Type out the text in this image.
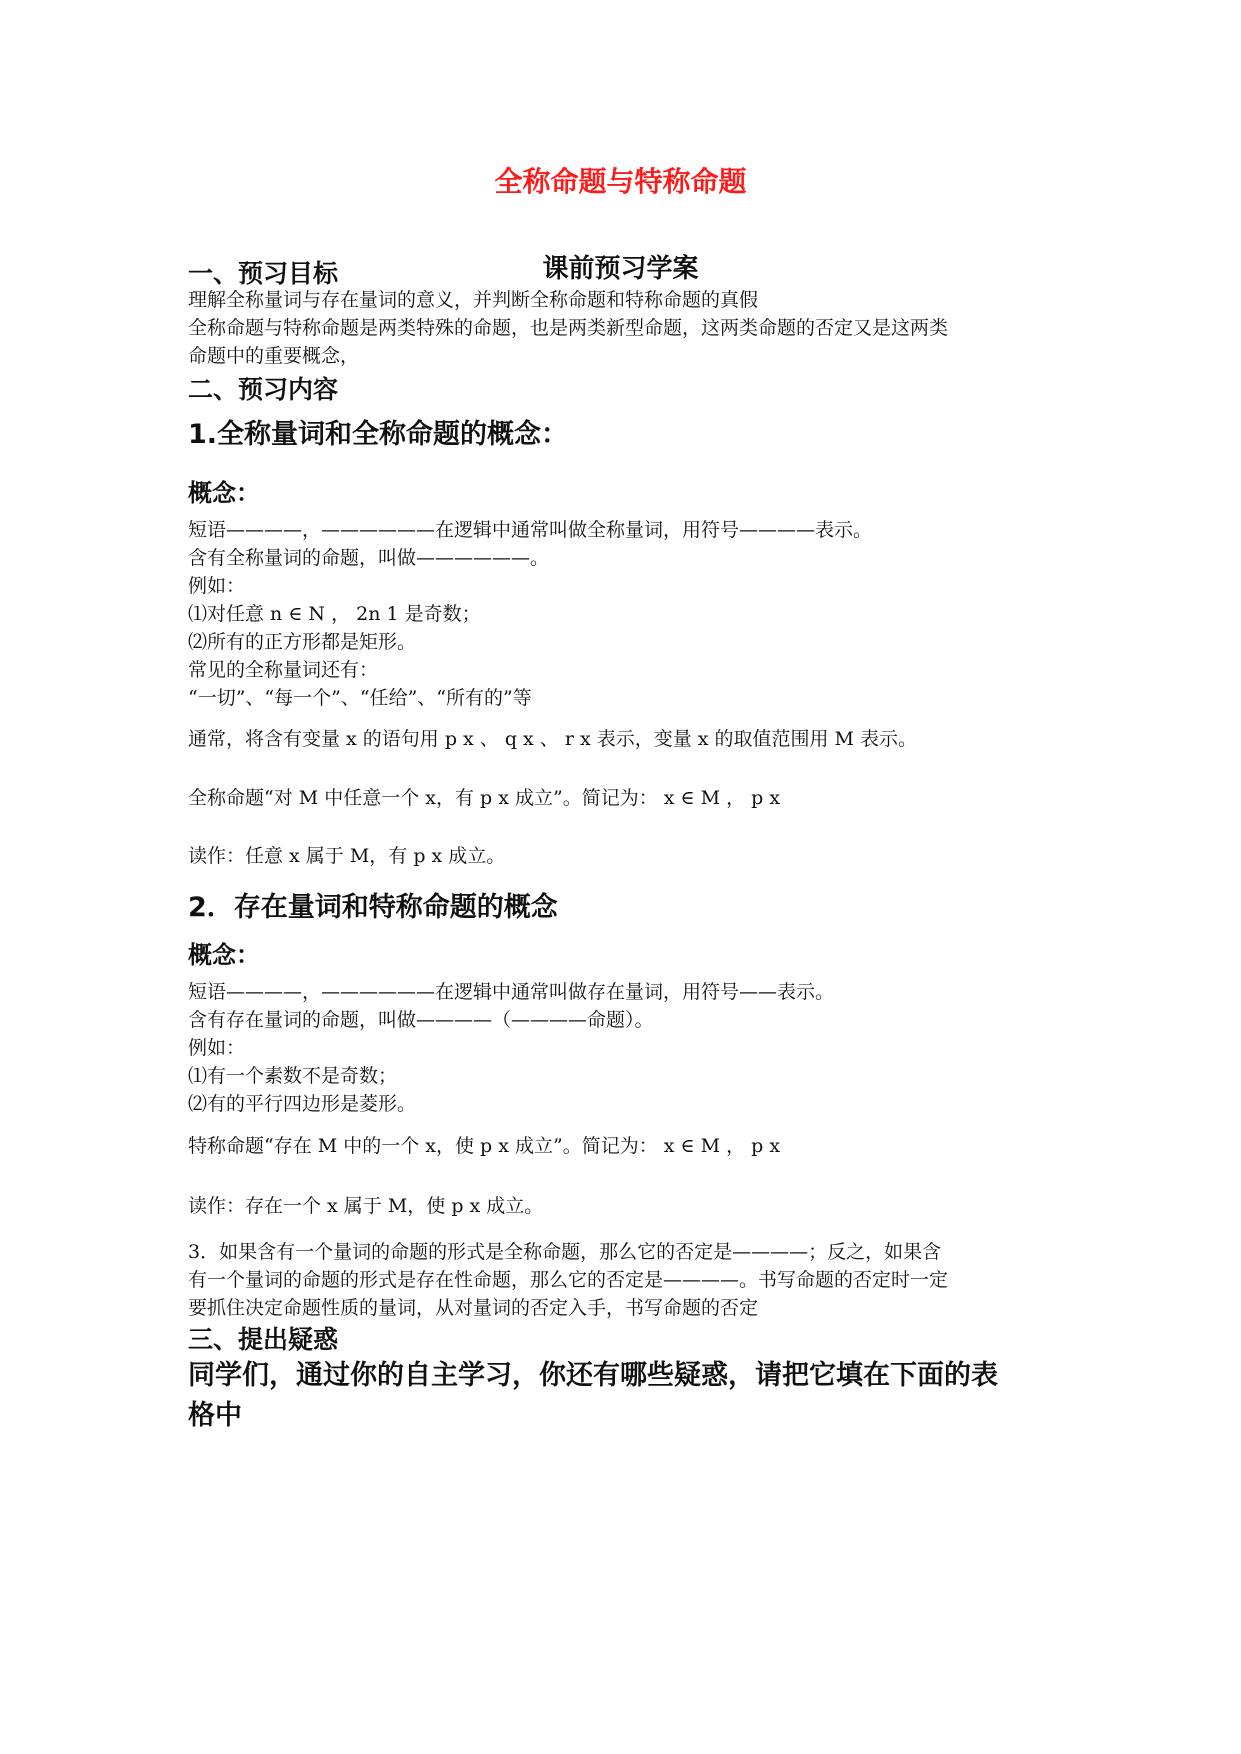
全称命题与特称命题
课前预习学案
一、预习目标
理解全称量词与存在量词的意义，并判断全称命题和特称命题的真假
全称命题与特称命题是两类特殊的命题，也是两类新型命题，这两类命题的否定又是这两类
命题中的重要概念，
二、预习内容
1.全称量词和全称命题的概念：
概念：
短语————，——————在逻辑中通常叫做全称量词，用符号————表示。
含有全称量词的命题，叫做——————。
例如：
⑴对任意 n ∈ N ， 2n 1 是奇数；
⑵所有的正方形都是矩形。
常见的全称量词还有：
“一切”、“每一个”、“任给”、“所有的”等
通常，将含有变量 x 的语句用 p x 、 q x 、 r x 表示，变量 x 的取值范围用 M 表示。
全称命题“对 M 中任意一个 x，有 p x 成立”。简记为： x ∈ M ， p x
读作：任意 x 属于 M，有 p x 成立。
2．存在量词和特称命题的概念
概念：
短语————，——————在逻辑中通常叫做存在量词，用符号——表示。
含有存在量词的命题，叫做————（————命题）。
例如：
⑴有一个素数不是奇数；
⑵有的平行四边形是菱形。
特称命题“存在 M 中的一个 x，使 p x 成立”。简记为： x ∈ M ， p x
读作：存在一个 x 属于 M，使 p x 成立。
3．如果含有一个量词的命题的形式是全称命题，那么它的否定是————；反之，如果含
有一个量词的命题的形式是存在性命题，那么它的否定是————。书写命题的否定时一定
要抓住决定命题性质的量词，从对量词的否定入手，书写命题的否定
三、提出疑惑
同学们，通过你的自主学习，你还有哪些疑惑，请把它填在下面的表
格中
